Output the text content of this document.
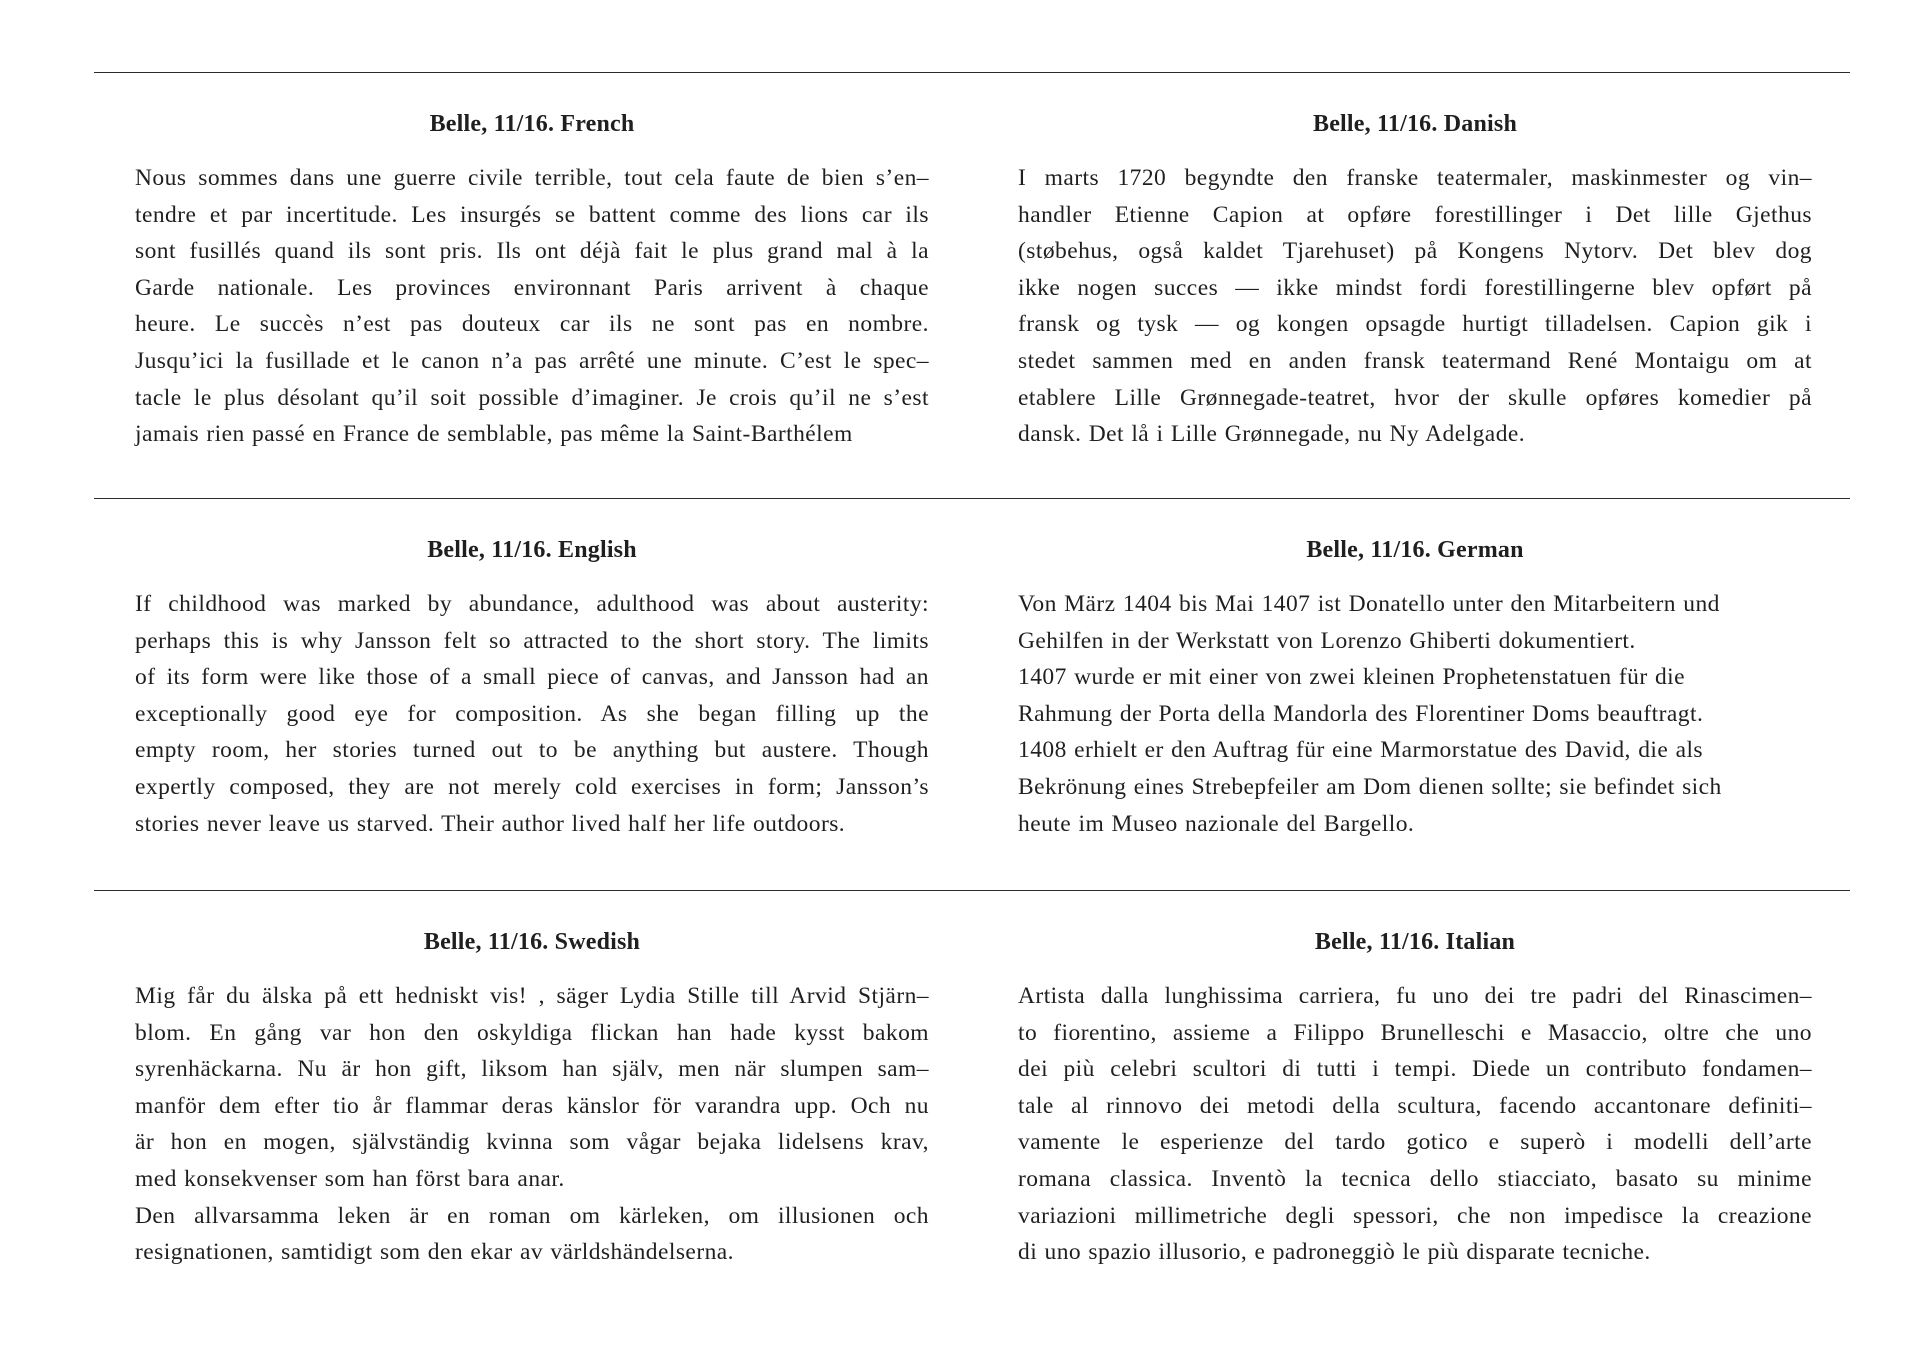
Belle, 11/16. French

Nous sommes dans une guerre civile terrible, tout cela faute de bien s’en–
tendre et par incertitude. Les insurgés se battent comme des lions car ils
sont fusillés quand ils sont pris. Ils ont déjà fait le plus grand mal à la
Garde nationale. Les provinces environnant Paris arrivent à chaque
heure. Le succès n’est pas douteux car ils ne sont pas en nombre.
Jusqu’ici la fusillade et le canon n’a pas arrêté une minute. C’est le spec–
tacle le plus désolant qu’il soit possible d’imaginer. Je crois qu’il ne s’est
jamais rien passé en France de semblable, pas même la Saint-Barthélem

Belle, 11/16. Danish

I marts 1720 begyndte den franske teatermaler, maskinmester og vin–
handler Etienne Capion at opføre forestillinger i Det lille Gjethus
(støbehus, også kaldet Tjarehuset) på Kongens Nytorv. Det blev dog
ikke nogen succes — ikke mindst fordi forestillingerne blev opført på
fransk og tysk — og kongen opsagde hurtigt tilladelsen. Capion gik i
stedet sammen med en anden fransk teatermand René Montaigu om at
etablere Lille Grønnegade-teatret, hvor der skulle opføres komedier på
dansk. Det lå i Lille Grønnegade, nu Ny Adelgade.

Belle, 11/16. English

If childhood was marked by abundance, adulthood was about austerity:
perhaps this is why Jansson felt so attracted to the short story. The limits
of its form were like those of a small piece of canvas, and Jansson had an
exceptionally good eye for composition. As she began filling up the
empty room, her stories turned out to be anything but austere. Though
expertly composed, they are not merely cold exercises in form; Jansson’s
stories never leave us starved. Their author lived half her life outdoors.

Belle, 11/16. German

Von März 1404 bis Mai 1407 ist Donatello unter den Mitarbeitern und
Gehilfen in der Werkstatt von Lorenzo Ghiberti dokumentiert.
1407 wurde er mit einer von zwei kleinen Prophetenstatuen für die
Rahmung der Porta della Mandorla des Florentiner Doms beauftragt.
1408 erhielt er den Auftrag für eine Marmorstatue des David, die als
Bekrönung eines Strebepfeiler am Dom dienen sollte; sie befindet sich
heute im Museo nazionale del Bargello.

Belle, 11/16. Swedish

Mig får du älska på ett hedniskt vis! , säger Lydia Stille till Arvid Stjärn–
blom. En gång var hon den oskyldiga flickan han hade kysst bakom
syrenhäckarna. Nu är hon gift, liksom han själv, men när slumpen sam–
manför dem efter tio år flammar deras känslor för varandra upp. Och nu
är hon en mogen, självständig kvinna som vågar bejaka lidelsens krav,
med konsekvenser som han först bara anar.
Den allvarsamma leken är en roman om kärleken, om illusionen och
resignationen, samtidigt som den ekar av världshändelserna.

Belle, 11/16. Italian

Artista dalla lunghissima carriera, fu uno dei tre padri del Rinascimen–
to fiorentino, assieme a Filippo Brunelleschi e Masaccio, oltre che uno
dei più celebri scultori di tutti i tempi. Diede un contributo fondamen–
tale al rinnovo dei metodi della scultura, facendo accantonare definiti–
vamente le esperienze del tardo gotico e superò i modelli dell’arte
romana classica. Inventò la tecnica dello stiacciato, basato su minime
variazioni millimetriche degli spessori, che non impedisce la creazione
di uno spazio illusorio, e padroneggiò le più disparate tecniche.
